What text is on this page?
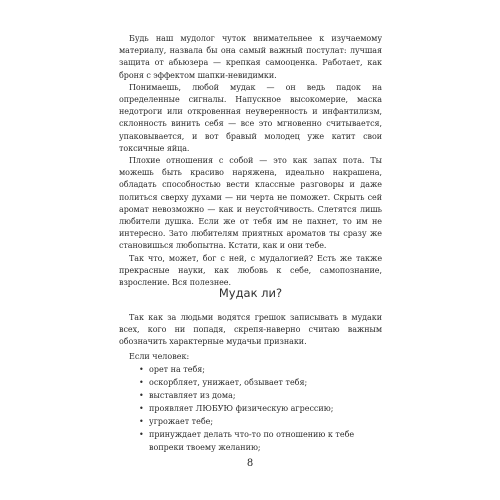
Будь наш мудолог чуток внимательнее к изучаемому материалу, назвала бы она самый важный постулат: лучшая защита от абьюзера — крепкая самооценка. Работает, как броня с эффектом шапки-невидимки.

Понимаешь, любой мудак — он ведь падок на определенные сигналы. Напускное высокомерие, маска недотроги или откровенная неуверенность и инфантилизм, склонность винить себя — все это мгновенно считывается, упаковывается, и вот бравый молодец уже катит свои токсичные яйца.

Плохие отношения с собой — это как запах пота. Ты можешь быть красиво наряжена, идеально накрашена, обладать способностью вести классные разговоры и даже политься сверху духами — ни черта не поможет. Скрыть сей аромат невозможно — как и неустойчивость. Слетятся лишь любители душка. Если же от тебя им не пахнет, то им не интересно. Зато любителям приятных ароматов ты сразу же становишься любопытна. Кстати, как и они тебе.

Так что, может, бог с ней, с мудалогией? Есть же также прекрасные науки, как любовь к себе, самопознание, взросление. Вся полезнее.

Мудак ли?

Так как за людьми водятся грешок записывать в мудаки всех, кого ни попадя, скрепя-наверно считаю важным обозначить характерные мудачьи признаки.

Если человек:
• орет на тебя;
• оскорбляет, унижает, обзывает тебя;
• выставляет из дома;
• проявляет ЛЮБУЮ физическую агрессию;
• угрожает тебе;
• принуждает делать что-то по отношению к тебе вопреки твоему желанию;
8
